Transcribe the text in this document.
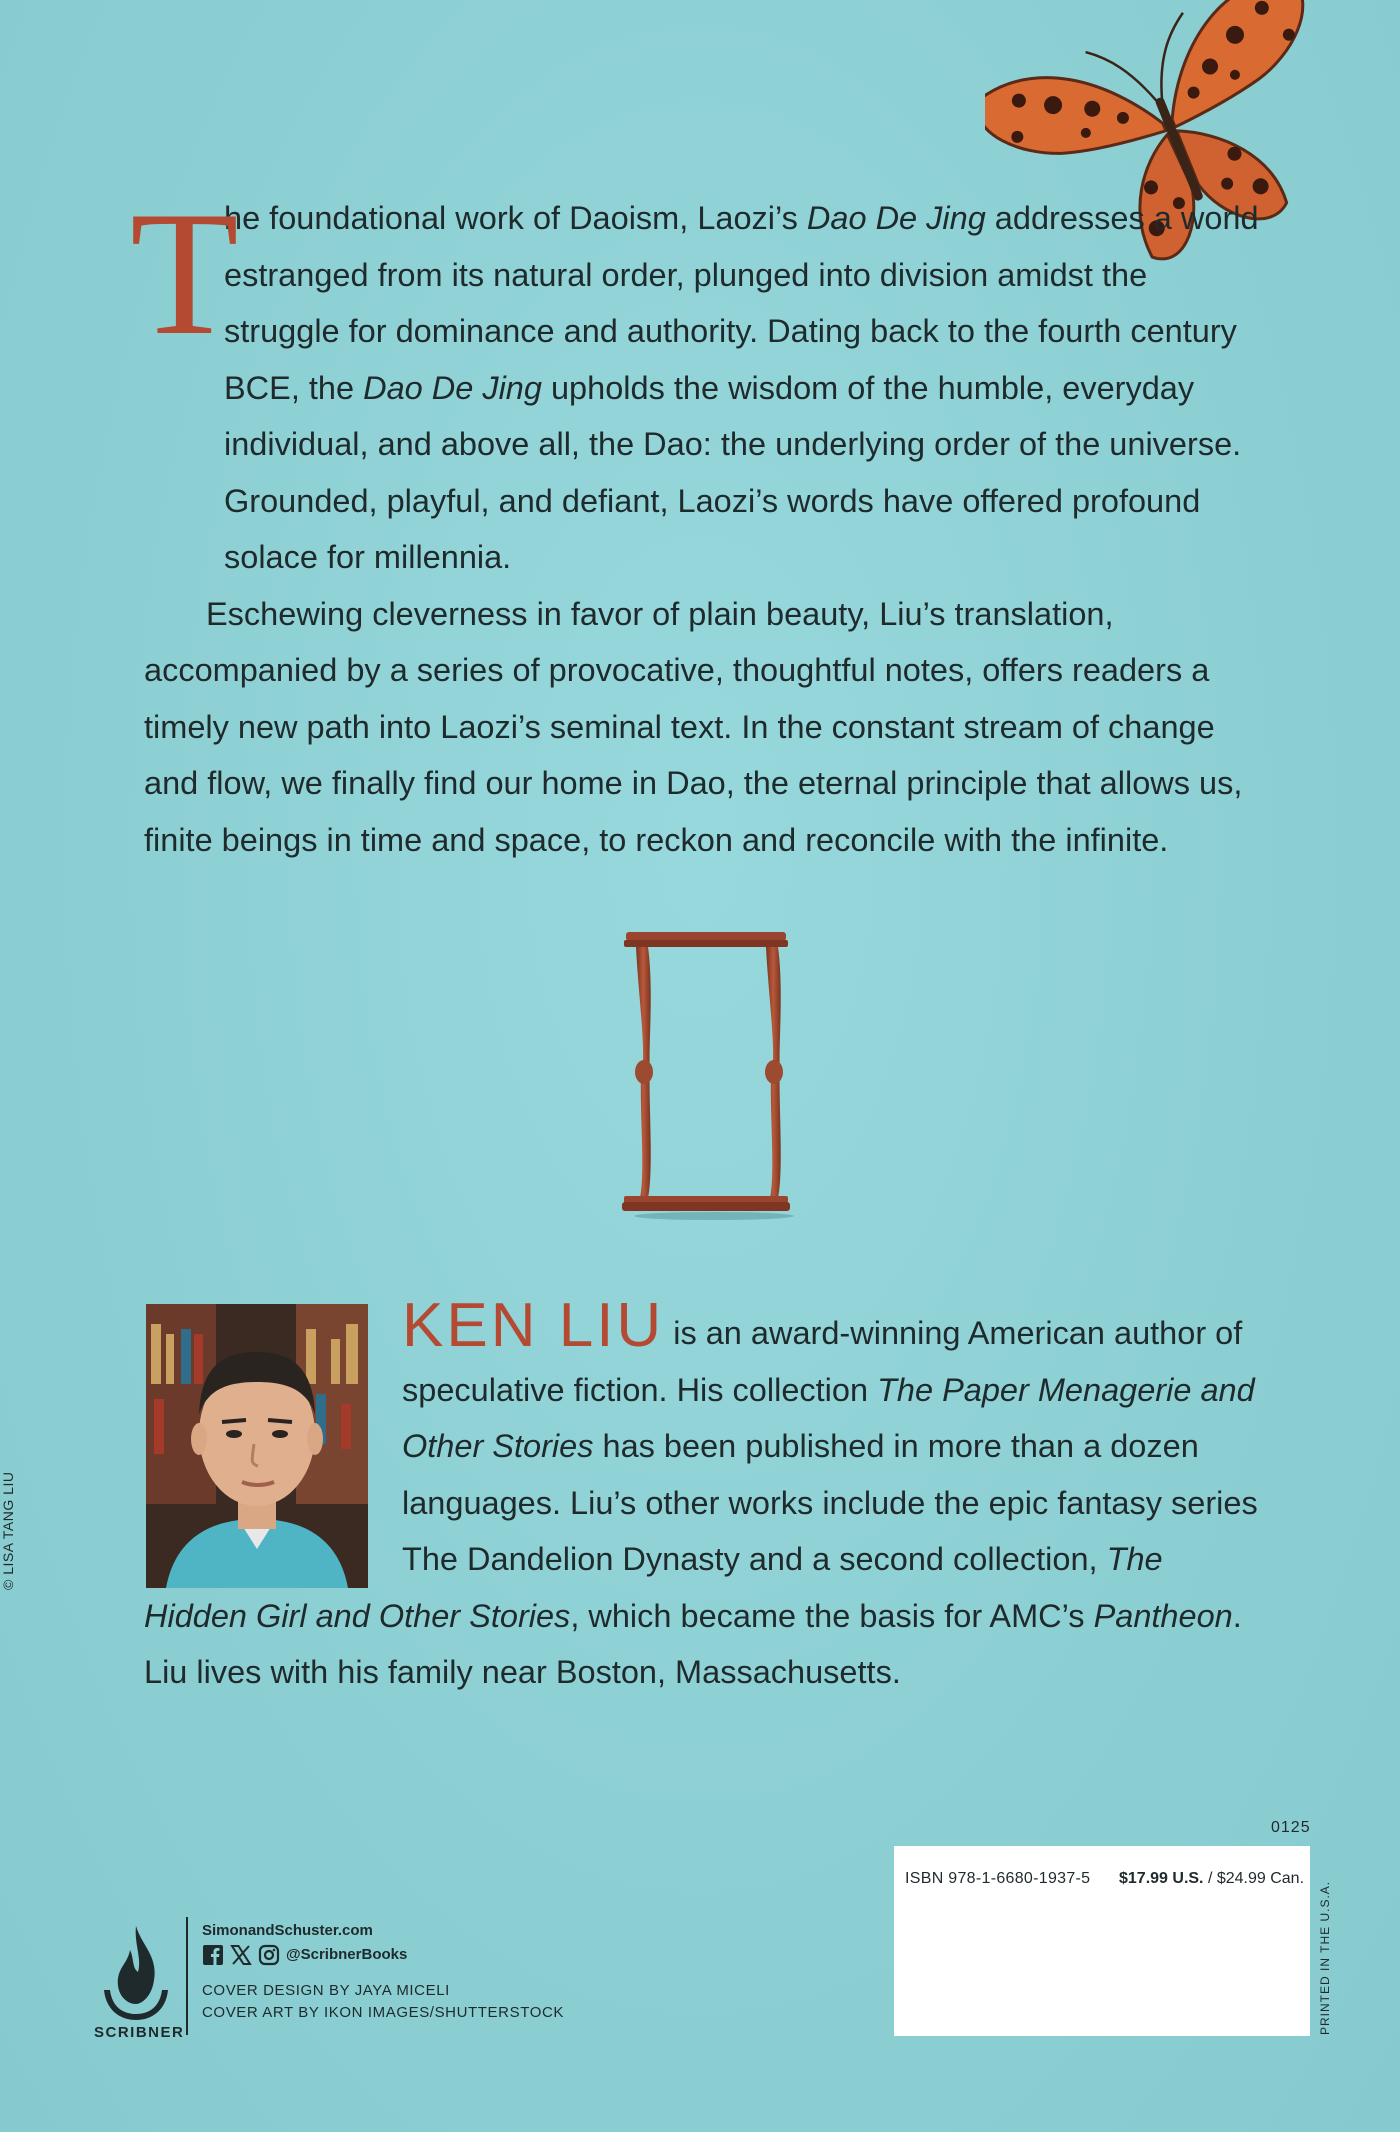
T

he foundational work of Daoism, Laozi’s Dao De Jing addresses a world estranged from its natural order, plunged into division amidst the struggle for dominance and authority. Dating back to the fourth century BCE, the Dao De Jing upholds the wisdom of the humble, everyday individual, and above all, the Dao: the underlying order of the universe. Grounded, playful, and defiant, Laozi’s words have offered profound solace for millennia.

Eschewing cleverness in favor of plain beauty, Liu’s translation, accompanied by a series of provocative, thoughtful notes, offers readers a timely new path into Laozi’s seminal text. In the constant stream of change and flow, we finally find our home in Dao, the eternal principle that allows us, finite beings in time and space, to reckon and reconcile with the infinite.

KEN LIU is an award-winning American author of speculative fiction. His collection The Paper Menagerie and Other Stories has been published in more than a dozen languages. Liu’s other works include the epic fantasy series The Dandelion Dynasty and a second collection, The Hidden Girl and Other Stories, which became the basis for AMC’s Pantheon. Liu lives with his family near Boston, Massachusetts.

© LISA TANG LIU
0125
ISBN 978-1-6680-1937-5 $17.99 U.S. / $24.99 Can.
PRINTED IN THE U.S.A.
SCRIBNER
SimonandSchuster.com
@ScribnerBooks
COVER DESIGN BY JAYA MICELI
COVER ART BY IKON IMAGES/SHUTTERSTOCK
